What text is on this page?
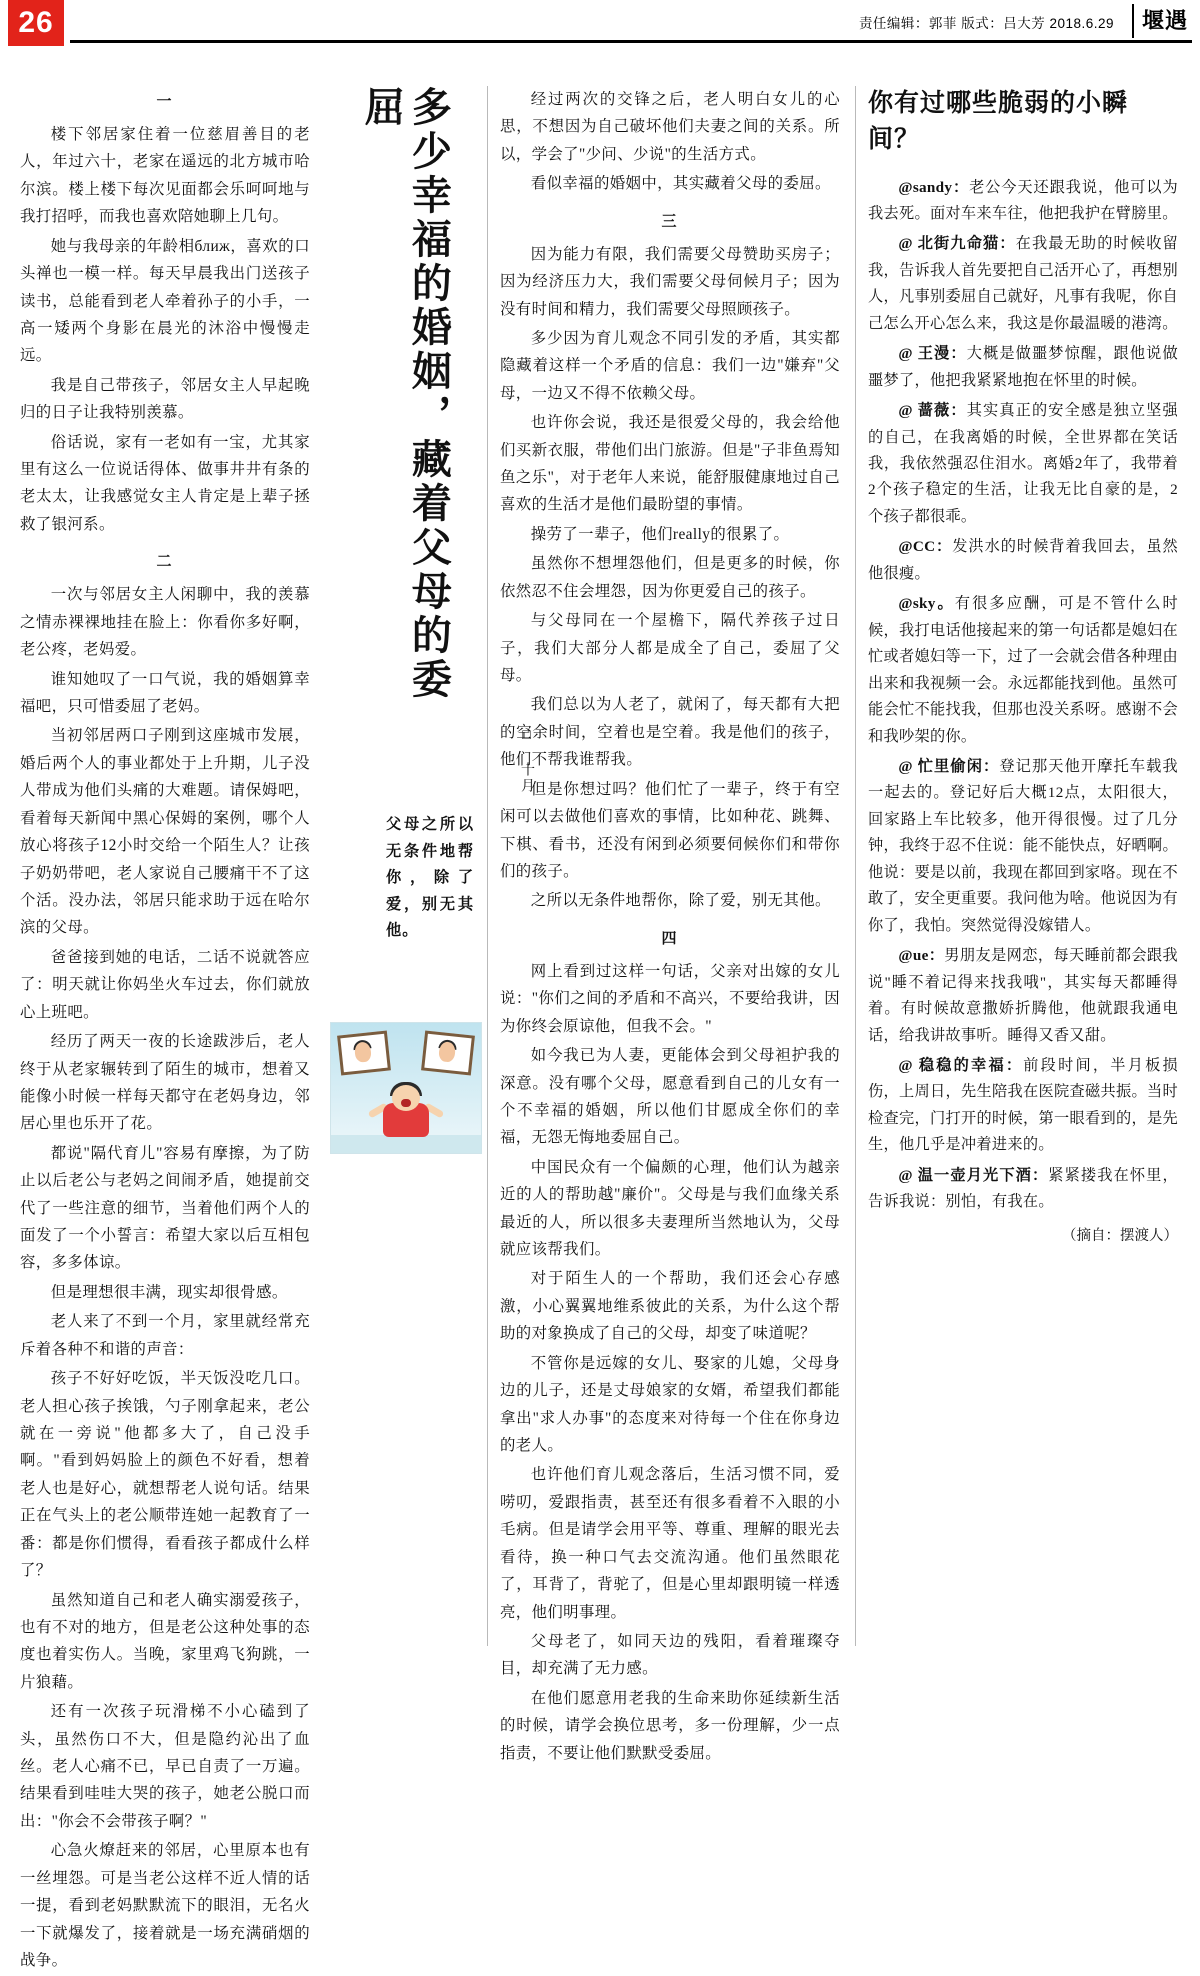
26	责任编辑：郭菲 版式：吕大芳 2018.6.29	堰遇
一

楼下邻居家住着一位慈眉善目的老人，年过六十，老家在遥远的北方城市哈尔滨。楼上楼下每次见面都会乐呵呵地与我打招呼，而我也喜欢陪她聊上几句。

她与我母亲的年龄相ближ，喜欢的口头禅也一模一样。每天早晨我出门送孩子读书，总能看到老人牵着孙子的小手，一高一矮两个身影在晨光的沐浴中慢慢走远。

我是自己带孩子，邻居女主人早起晚归的日子让我特别羡慕。

俗话说，家有一老如有一宝，尤其家里有这么一位说话得体、做事井井有条的老太太，让我感觉女主人肯定是上辈子拯救了银河系。

二

一次与邻居女主人闲聊中，我的羡慕之情赤裸裸地挂在脸上：你看你多好啊，老公疼，老妈爱。

谁知她叹了一口气说，我的婚姻算幸福吧，只可惜委屈了老妈。

当初邻居两口子刚到这座城市发展，婚后两个人的事业都处于上升期，儿子没人带成为他们头痛的大难题。请保姆吧，看着每天新闻中黑心保姆的案例，哪个人放心将孩子12小时交给一个陌生人？让孩子奶奶带吧，老人家说自己腰痛干不了这个活。没办法，邻居只能求助于远在哈尔滨的父母。

爸爸接到她的电话，二话不说就答应了：明天就让你妈坐火车过去，你们就放心上班吧。

经历了两天一夜的长途跋涉后，老人终于从老家辗转到了陌生的城市，想着又能像小时候一样每天都守在老妈身边，邻居心里也乐开了花。

都说"隔代育儿"容易有摩擦，为了防止以后老公与老妈之间闹矛盾，她提前交代了一些注意的细节，当着他们两个人的面发了一个小誓言：希望大家以后互相包容，多多体谅。

但是理想很丰满，现实却很骨感。

老人来了不到一个月，家里就经常充斥着各种不和谐的声音：

孩子不好好吃饭，半天饭没吃几口。老人担心孩子挨饿，勺子刚拿起来，老公就在一旁说"他都多大了，自己没手啊。"看到妈妈脸上的颜色不好看，想着老人也是好心，就想帮老人说句话。结果正在气头上的老公顺带连她一起教育了一番：都是你们惯得，看看孩子都成什么样了？

虽然知道自己和老人确实溺爱孩子，也有不对的地方，但是老公这种处事的态度也着实伤人。当晚，家里鸡飞狗跳，一片狼藉。

还有一次孩子玩滑梯不小心磕到了头，虽然伤口不大，但是隐约沁出了血丝。老人心痛不已，早已自责了一万遍。结果看到哇哇大哭的孩子，她老公脱口而出："你会不会带孩子啊？"

心急火燎赶来的邻居，心里原本也有一丝埋怨。可是当老公这样不近人情的话一提，看到老妈默默流下的眼泪，无名火一下就爆发了，接着就是一场充满硝烟的战争。

多少幸福的婚姻，藏着父母的委屈
□ 十月
父母之所以无条件地帮你，除了爱，别无其他。

经过两次的交锋之后，老人明白女儿的心思，不想因为自己破坏他们夫妻之间的关系。所以，学会了"少问、少说"的生活方式。

看似幸福的婚姻中，其实藏着父母的委屈。

三

因为能力有限，我们需要父母赞助买房子；因为经济压力大，我们需要父母伺候月子；因为没有时间和精力，我们需要父母照顾孩子。

多少因为育儿观念不同引发的矛盾，其实都隐藏着这样一个矛盾的信息：我们一边"嫌弃"父母，一边又不得不依赖父母。

也许你会说，我还是很爱父母的，我会给他们买新衣服，带他们出门旅游。但是"子非鱼焉知鱼之乐"，对于老年人来说，能舒服健康地过自己喜欢的生活才是他们最盼望的事情。

操劳了一辈子，他们really的很累了。

虽然你不想埋怨他们，但是更多的时候，你依然忍不住会埋怨，因为你更爱自己的孩子。

与父母同在一个屋檐下，隔代养孩子过日子，我们大部分人都是成全了自己，委屈了父母。

我们总以为人老了，就闲了，每天都有大把的空余时间，空着也是空着。我是他们的孩子，他们不帮我谁帮我。

但是你想过吗？他们忙了一辈子，终于有空闲可以去做他们喜欢的事情，比如种花、跳舞、下棋、看书，还没有闲到必须要伺候你们和带你们的孩子。

之所以无条件地帮你，除了爱，别无其他。

四

网上看到过这样一句话，父亲对出嫁的女儿说："你们之间的矛盾和不高兴，不要给我讲，因为你终会原谅他，但我不会。"

如今我已为人妻，更能体会到父母袒护我的深意。没有哪个父母，愿意看到自己的儿女有一个不幸福的婚姻，所以他们甘愿成全你们的幸福，无怨无悔地委屈自己。

中国民众有一个偏颇的心理，他们认为越亲近的人的帮助越"廉价"。父母是与我们血缘关系最近的人，所以很多夫妻理所当然地认为，父母就应该帮我们。

对于陌生人的一个帮助，我们还会心存感激，小心翼翼地维系彼此的关系，为什么这个帮助的对象换成了自己的父母，却变了味道呢？

不管你是远嫁的女儿、娶家的儿媳，父母身边的儿子，还是丈母娘家的女婿，希望我们都能拿出"求人办事"的态度来对待每一个住在你身边的老人。

也许他们育儿观念落后，生活习惯不同，爱唠叨，爱跟指责，甚至还有很多看着不入眼的小毛病。但是请学会用平等、尊重、理解的眼光去看待，换一种口气去交流沟通。他们虽然眼花了，耳背了，背驼了，但是心里却跟明镜一样透亮，他们明事理。

父母老了，如同天边的残阳，看着璀璨夺目，却充满了无力感。

在他们愿意用老我的生命来助你延续新生活的时候，请学会换位思考，多一份理解，少一点指责，不要让他们默默受委屈。

你有过哪些脆弱的小瞬间？

@sandy：老公今天还跟我说，他可以为我去死。面对车来车往，他把我护在臂膀里。

@ 北街九命猫：在我最无助的时候收留我，告诉我人首先要把自己活开心了，再想别人，凡事别委屈自己就好，凡事有我呢，你自己怎么开心怎么来，我这是你最温暖的港湾。

@ 王漫：大概是做噩梦惊醒，跟他说做噩梦了，他把我紧紧地抱在怀里的时候。

@ 蔷薇：其实真正的安全感是独立坚强的自己，在我离婚的时候，全世界都在笑话我，我依然强忍住泪水。离婚2年了，我带着2个孩子稳定的生活，让我无比自豪的是，2个孩子都很乖。

@CC：发洪水的时候背着我回去，虽然他很瘦。

@sky。有很多应酬，可是不管什么时候，我打电话他接起来的第一句话都是媳妇在忙或者媳妇等一下，过了一会就会借各种理由出来和我视频一会。永远都能找到他。虽然可能会忙不能找我，但那也没关系呀。感谢不会和我吵架的你。

@ 忙里偷闲：登记那天他开摩托车载我一起去的。登记好后大概12点，太阳很大，回家路上车比较多，他开得很慢。过了几分钟，我终于忍不住说：能不能快点，好晒啊。他说：要是以前，我现在都回到家咯。现在不敢了，安全更重要。我问他为啥。他说因为有你了，我怕。突然觉得没嫁错人。

@ue：男朋友是网恋，每天睡前都会跟我说"睡不着记得来找我哦"，其实每天都睡得着。有时候故意撒娇折腾他，他就跟我通电话，给我讲故事听。睡得又香又甜。

@ 稳稳的幸福：前段时间，半月板损伤，上周日，先生陪我在医院查磁共振。当时检查完，门打开的时候，第一眼看到的，是先生，他几乎是冲着进来的。

@ 温一壶月光下酒：紧紧搂我在怀里，告诉我说：别怕，有我在。

（摘自：摆渡人）
